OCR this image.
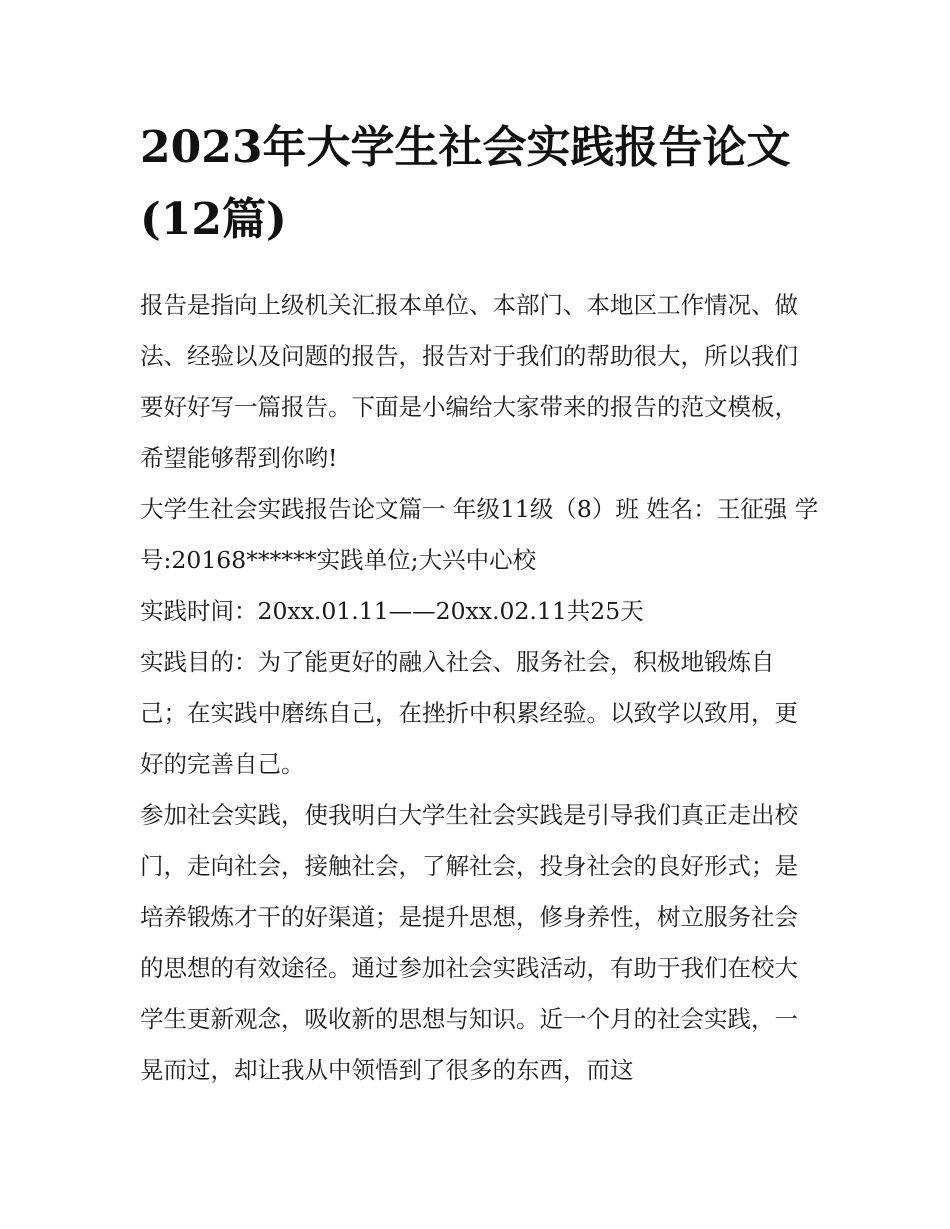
2023年大学生社会实践报告论文(12篇)

报告是指向上级机关汇报本单位、本部门、本地区工作情况、做法、经验以及问题的报告，报告对于我们的帮助很大，所以我们要好好写一篇报告。下面是小编给大家带来的报告的范文模板，希望能够帮到你哟!

大学生社会实践报告论文篇一 年级11级（8）班 姓名：王征强 学号:20168******实践单位;大兴中心校

实践时间：20xx.01.11——20xx.02.11共25天

实践目的：为了能更好的融入社会、服务社会，积极地锻炼自己；在实践中磨练自己，在挫折中积累经验。以致学以致用，更好的完善自己。

参加社会实践，使我明白大学生社会实践是引导我们真正走出校门，走向社会，接触社会，了解社会，投身社会的良好形式；是培养锻炼才干的好渠道；是提升思想，修身养性，树立服务社会的思想的有效途径。通过参加社会实践活动，有助于我们在校大学生更新观念，吸收新的思想与知识。近一个月的社会实践，一晃而过，却让我从中领悟到了很多的东西，而这
